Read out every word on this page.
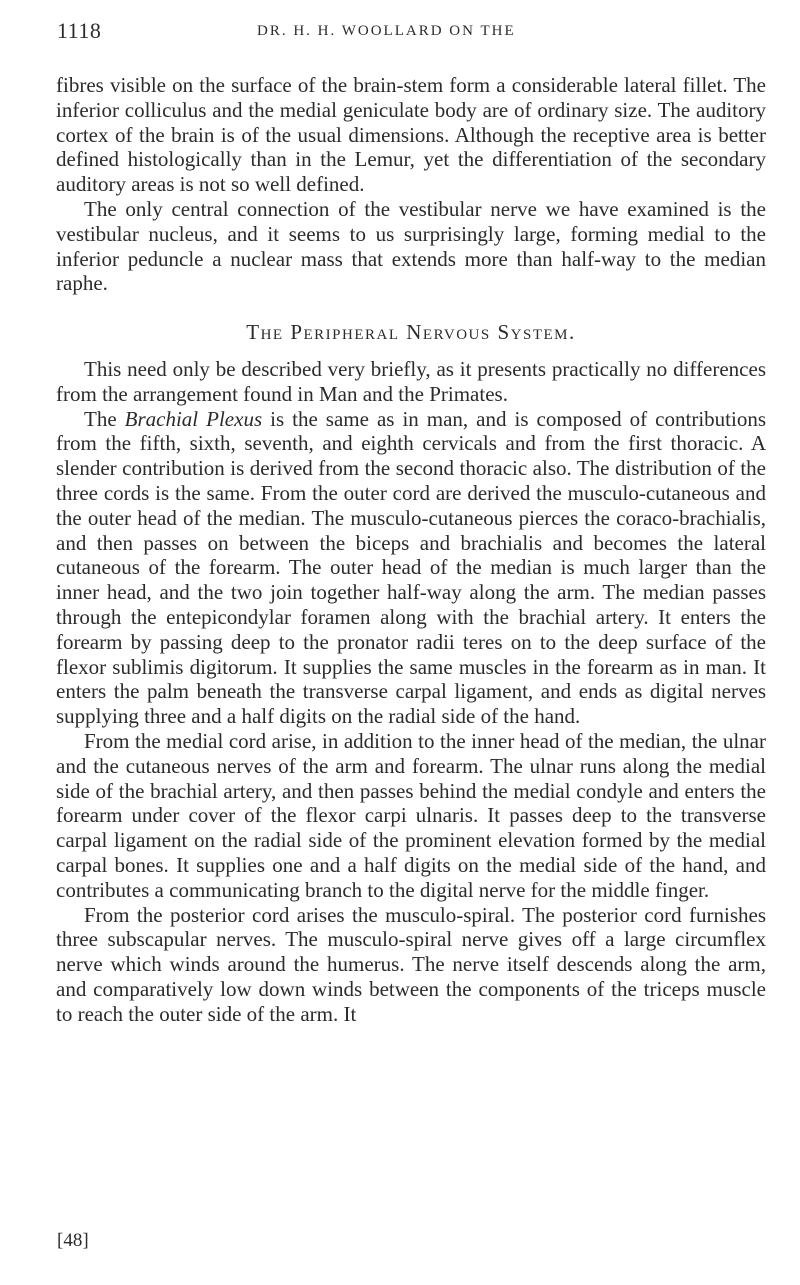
1118	DR. H. H. WOOLLARD ON THE

fibres visible on the surface of the brain-stem form a considerable lateral fillet. The inferior colliculus and the medial geniculate body are of ordinary size. The auditory cortex of the brain is of the usual dimensions. Although the receptive area is better defined histologically than in the Lemur, yet the differentiation of the secondary auditory areas is not so well defined.

The only central connection of the vestibular nerve we have examined is the vestibular nucleus, and it seems to us surprisingly large, forming medial to the inferior peduncle a nuclear mass that extends more than half-way to the median raphe.

The Peripheral Nervous System.

This need only be described very briefly, as it presents practically no differences from the arrangement found in Man and the Primates.

The Brachial Plexus is the same as in man, and is composed of contributions from the fifth, sixth, seventh, and eighth cervicals and from the first thoracic. A slender contribution is derived from the second thoracic also. The distribution of the three cords is the same. From the outer cord are derived the musculo-cutaneous and the outer head of the median. The musculo-cutaneous pierces the coraco-brachialis, and then passes on between the biceps and brachialis and becomes the lateral cutaneous of the forearm. The outer head of the median is much larger than the inner head, and the two join together half-way along the arm. The median passes through the entepicondylar foramen along with the brachial artery. It enters the forearm by passing deep to the pronator radii teres on to the deep surface of the flexor sublimis digitorum. It supplies the same muscles in the forearm as in man. It enters the palm beneath the transverse carpal ligament, and ends as digital nerves supplying three and a half digits on the radial side of the hand.

From the medial cord arise, in addition to the inner head of the median, the ulnar and the cutaneous nerves of the arm and forearm. The ulnar runs along the medial side of the brachial artery, and then passes behind the medial condyle and enters the forearm under cover of the flexor carpi ulnaris. It passes deep to the transverse carpal ligament on the radial side of the prominent elevation formed by the medial carpal bones. It supplies one and a half digits on the medial side of the hand, and contributes a communicating branch to the digital nerve for the middle finger.

From the posterior cord arises the musculo-spiral. The posterior cord furnishes three subscapular nerves. The musculo-spiral nerve gives off a large circumflex nerve which winds around the humerus. The nerve itself descends along the arm, and comparatively low down winds between the components of the triceps muscle to reach the outer side of the arm. It

[48]
